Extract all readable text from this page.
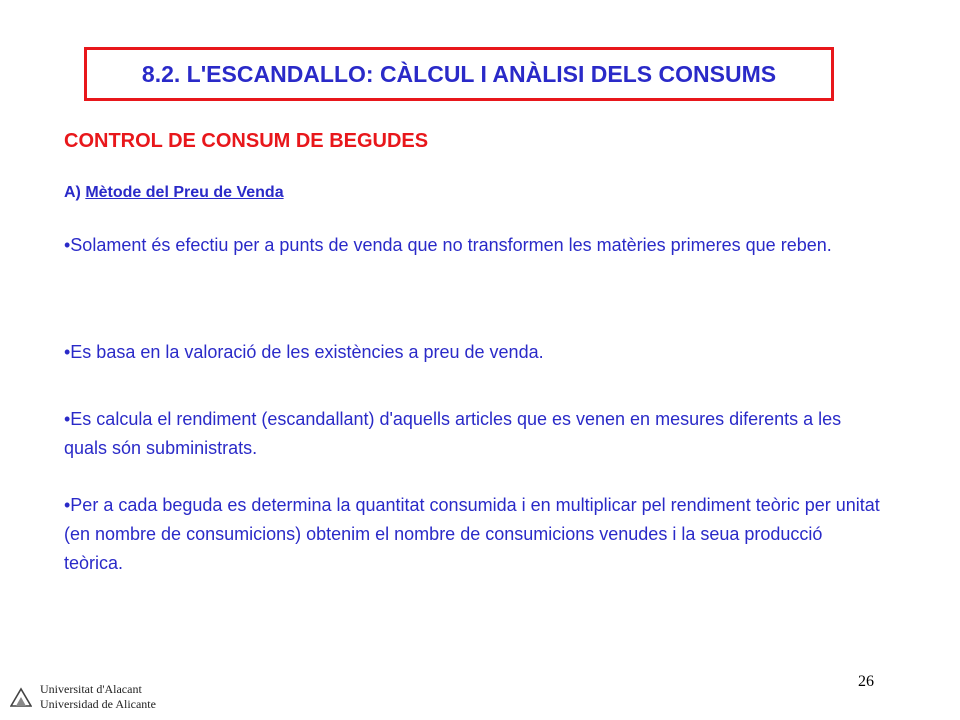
8.2. L'ESCANDALLO: CÀLCUL I ANÀLISI DELS CONSUMS
CONTROL DE CONSUM DE BEGUDES
A) Mètode del Preu de Venda
•Solament és efectiu per a punts de venda que no transformen les matèries primeres que reben.
•Es basa en la valoració de les existències a preu de venda.
•Es calcula el rendiment (escandallant) d'aquells articles que es venen en mesures diferents a les quals són subministrats.
•Per a cada beguda es determina la quantitat consumida i en multiplicar pel rendiment teòric per unitat (en nombre de consumicions) obtenim el nombre de consumicions venudes i la seua producció teòrica.
Universitat d'Alacant
Universidad de Alicante
26
